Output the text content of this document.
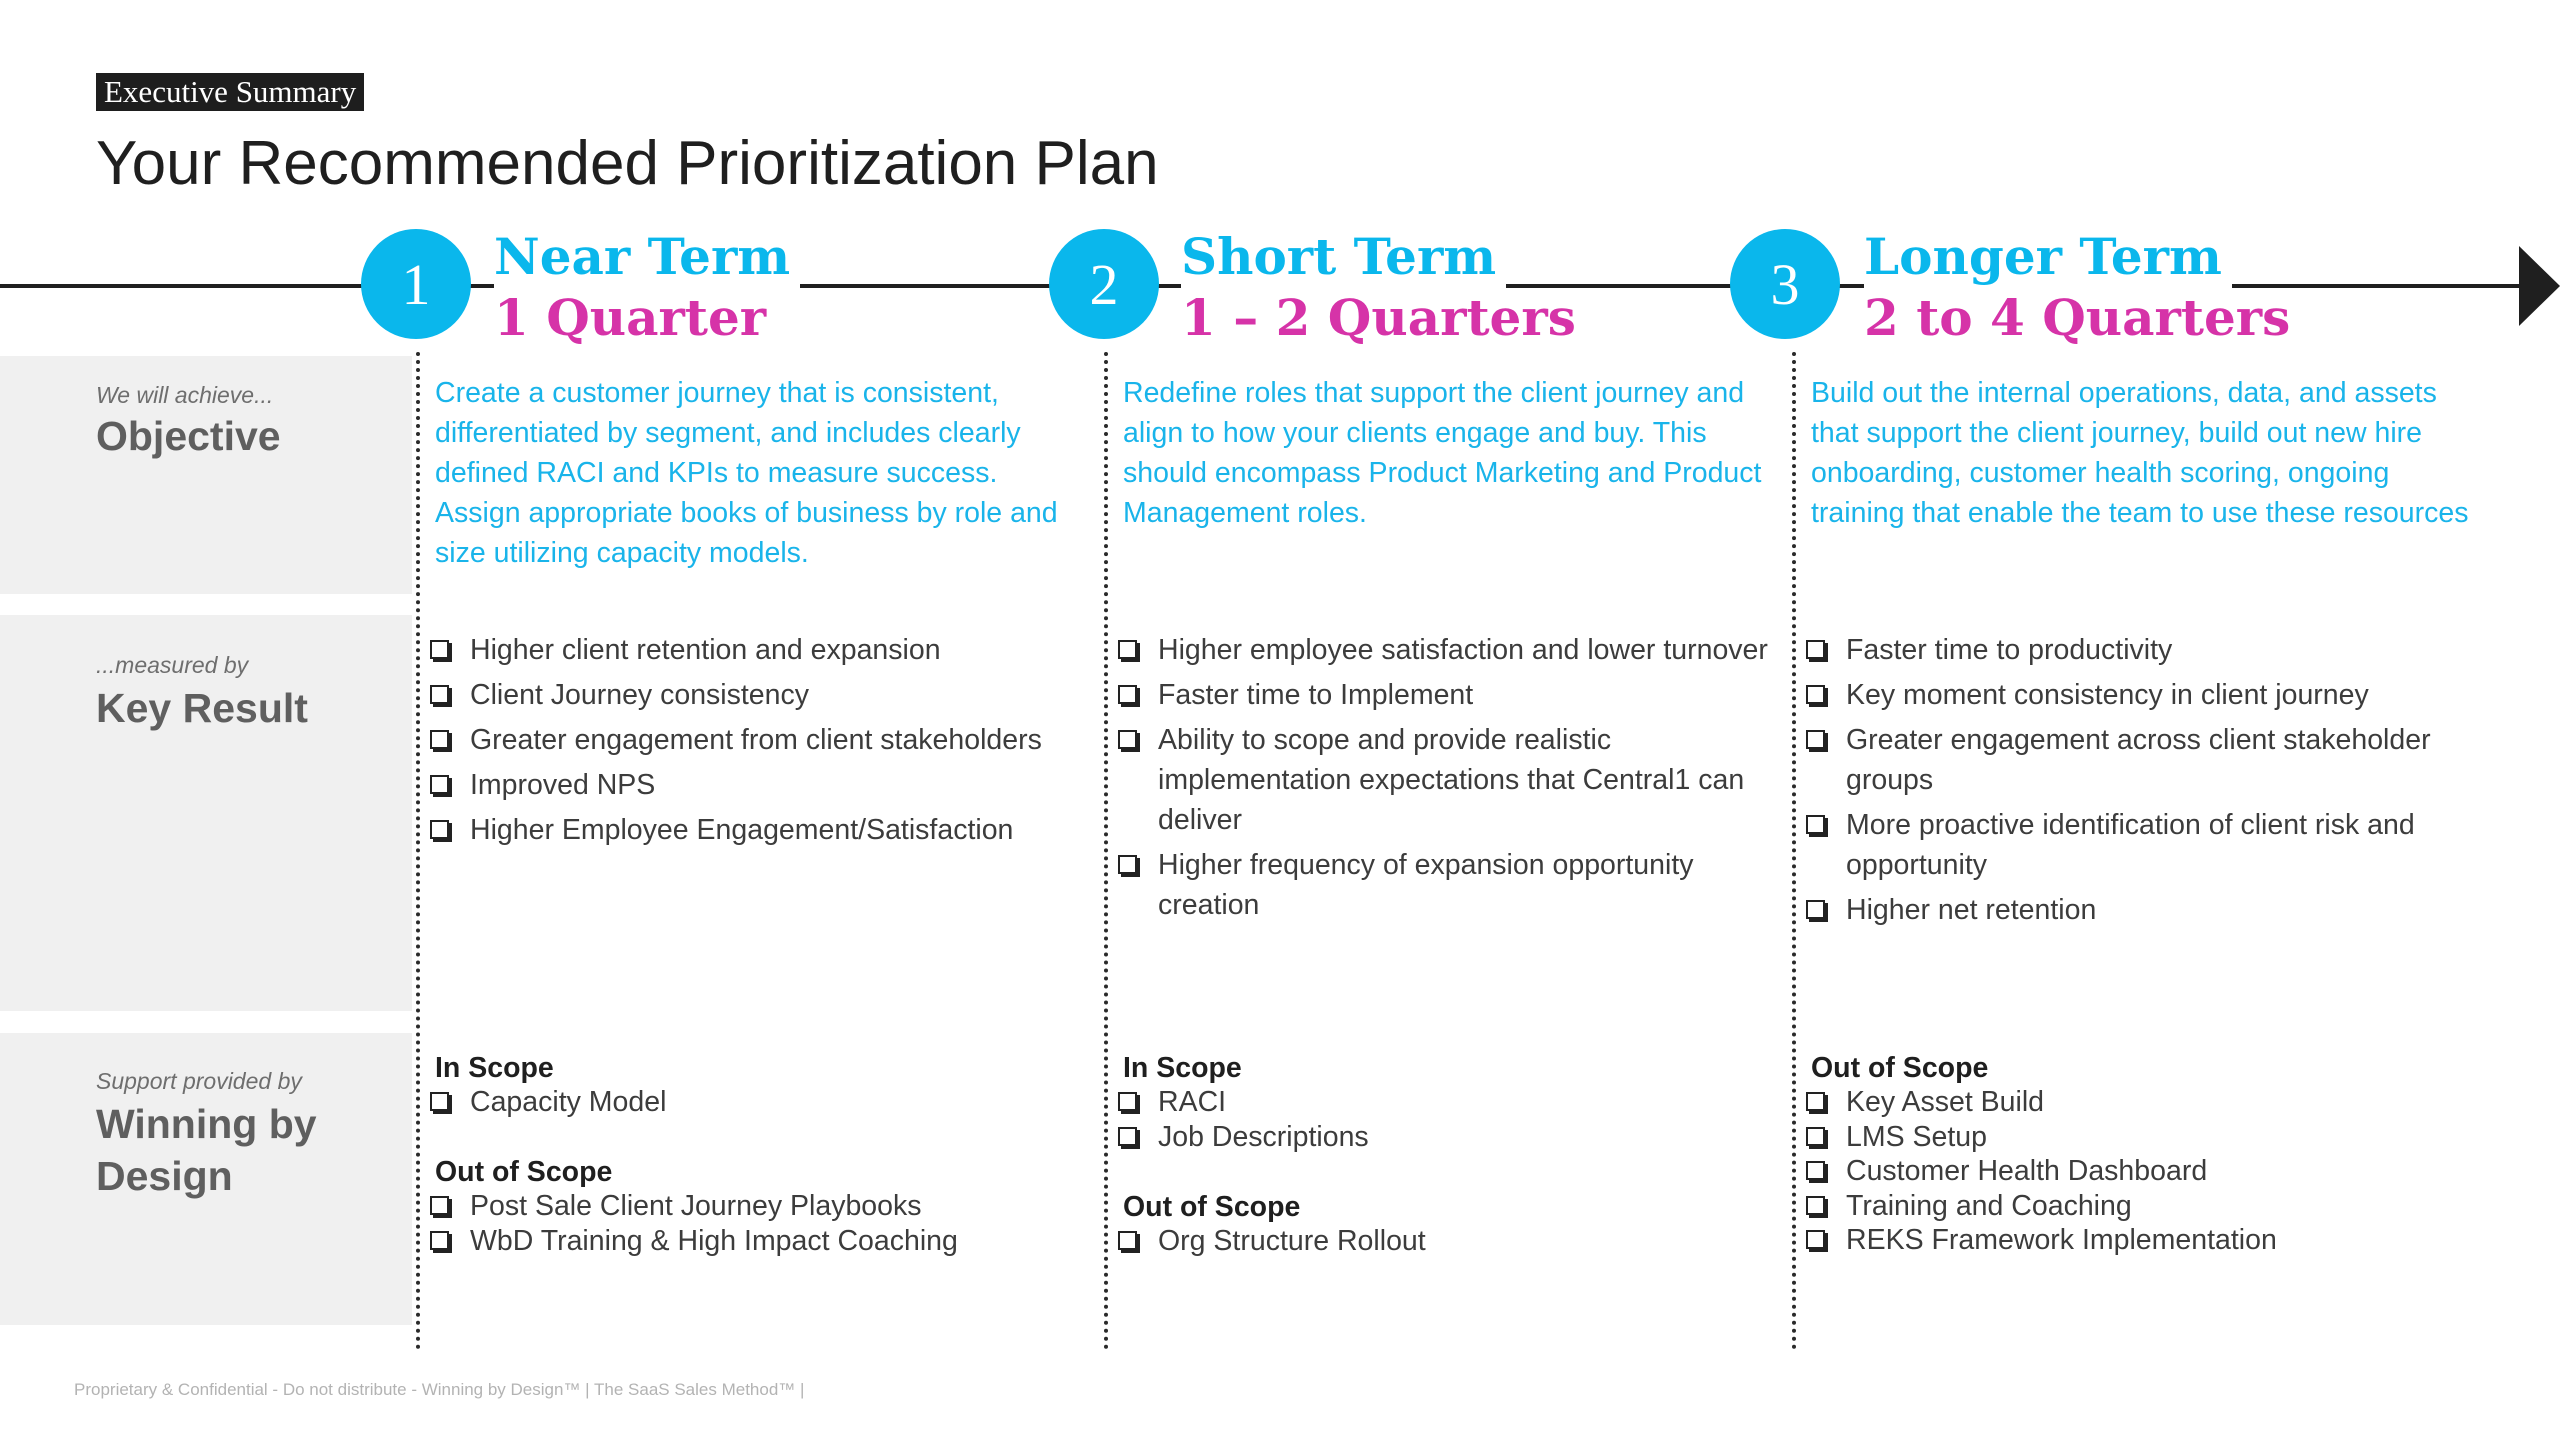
Executive Summary
Your Recommended Prioritization Plan
We will achieve...
Objective
...measured by
Key Result
Support provided by
Winning by Design
1	Near Term
1 Quarter
Create a customer journey that is consistent, differentiated by segment, and includes clearly defined RACI and KPIs to measure success. Assign appropriate books of business by role and size utilizing capacity models.
Higher client retention and expansion
Client Journey consistency
Greater engagement from client stakeholders
Improved NPS
Higher Employee Engagement/Satisfaction
In Scope
Capacity Model
Out of Scope
Post Sale Client Journey Playbooks
WbD Training & High Impact Coaching
2	Short Term
1 – 2 Quarters
Redefine roles that support the client journey and align to how your clients engage and buy. This should encompass Product Marketing and Product Management roles.
Higher employee satisfaction and lower turnover
Faster time to Implement
Ability to scope and provide realistic implementation expectations that Central1 can deliver
Higher frequency of expansion opportunity creation
In Scope
RACI
Job Descriptions
Out of Scope
Org Structure Rollout
3	Longer Term
2 to 4 Quarters
Build out the internal operations, data, and assets that support the client journey, build out new hire onboarding, customer health scoring, ongoing training that enable the team to use these resources
Faster time to productivity
Key moment consistency in client journey
Greater engagement across client stakeholder groups
More proactive identification of client risk and opportunity
Higher net retention
Out of Scope
Key Asset Build
LMS Setup
Customer Health Dashboard
Training and Coaching
REKS Framework Implementation
Proprietary & Confidential - Do not distribute - Winning by Design™ | The SaaS Sales Method™ |
